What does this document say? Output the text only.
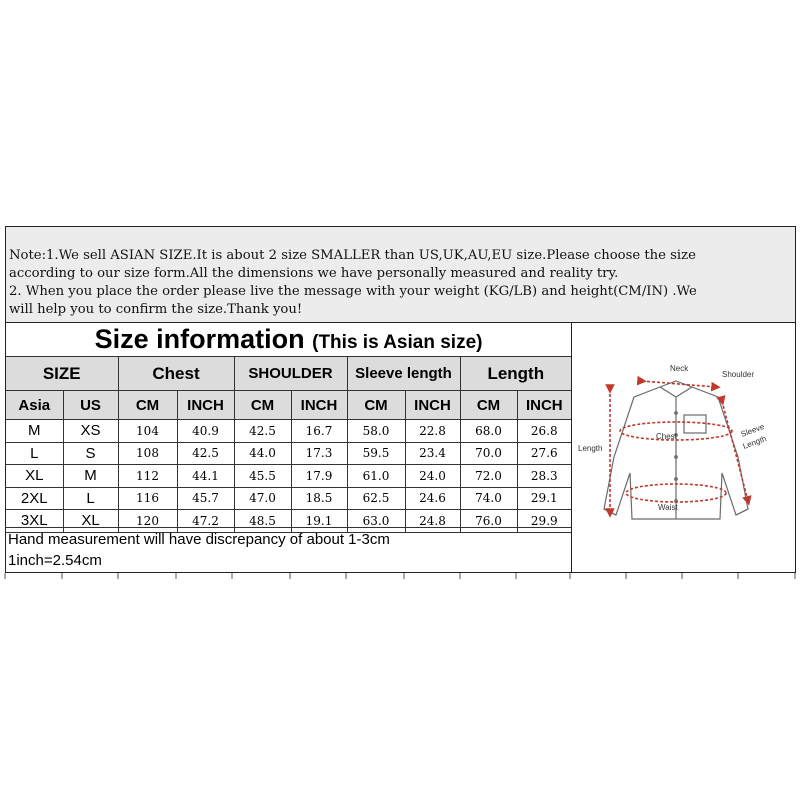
Note:1.We sell ASIAN SIZE.It is about 2 size SMALLER than US,UK,AU,EU size.Please choose the size
according to our size form.All the dimensions we have personally measured and reality try.
2. When you place the order please live the message with your weight (KG/LB) and height(CM/IN) .We
will help you to confirm the size.Thank you!
Size information (This is Asian size)									
SIZE		Chest		SHOULDER		Sleeve length		Length	
Asia	US	CM	INCH	CM	INCH	CM	INCH	CM	INCH
M	XS	104	40.9	42.5	16.7	58.0	22.8	68.0	26.8
L	S	108	42.5	44.0	17.3	59.5	23.4	70.0	27.6
XL	M	112	44.1	45.5	17.9	61.0	24.0	72.0	28.3
2XL	L	116	45.7	47.0	18.5	62.5	24.6	74.0	29.1
3XL	XL	120	47.2	48.5	19.1	63.0	24.8	76.0	29.9
Hand measurement will have discrepancy of about 1-3cm
1inch=2.54cm
Neck
Shoulder
Sleeve
Length
Length
Chest
Waist
